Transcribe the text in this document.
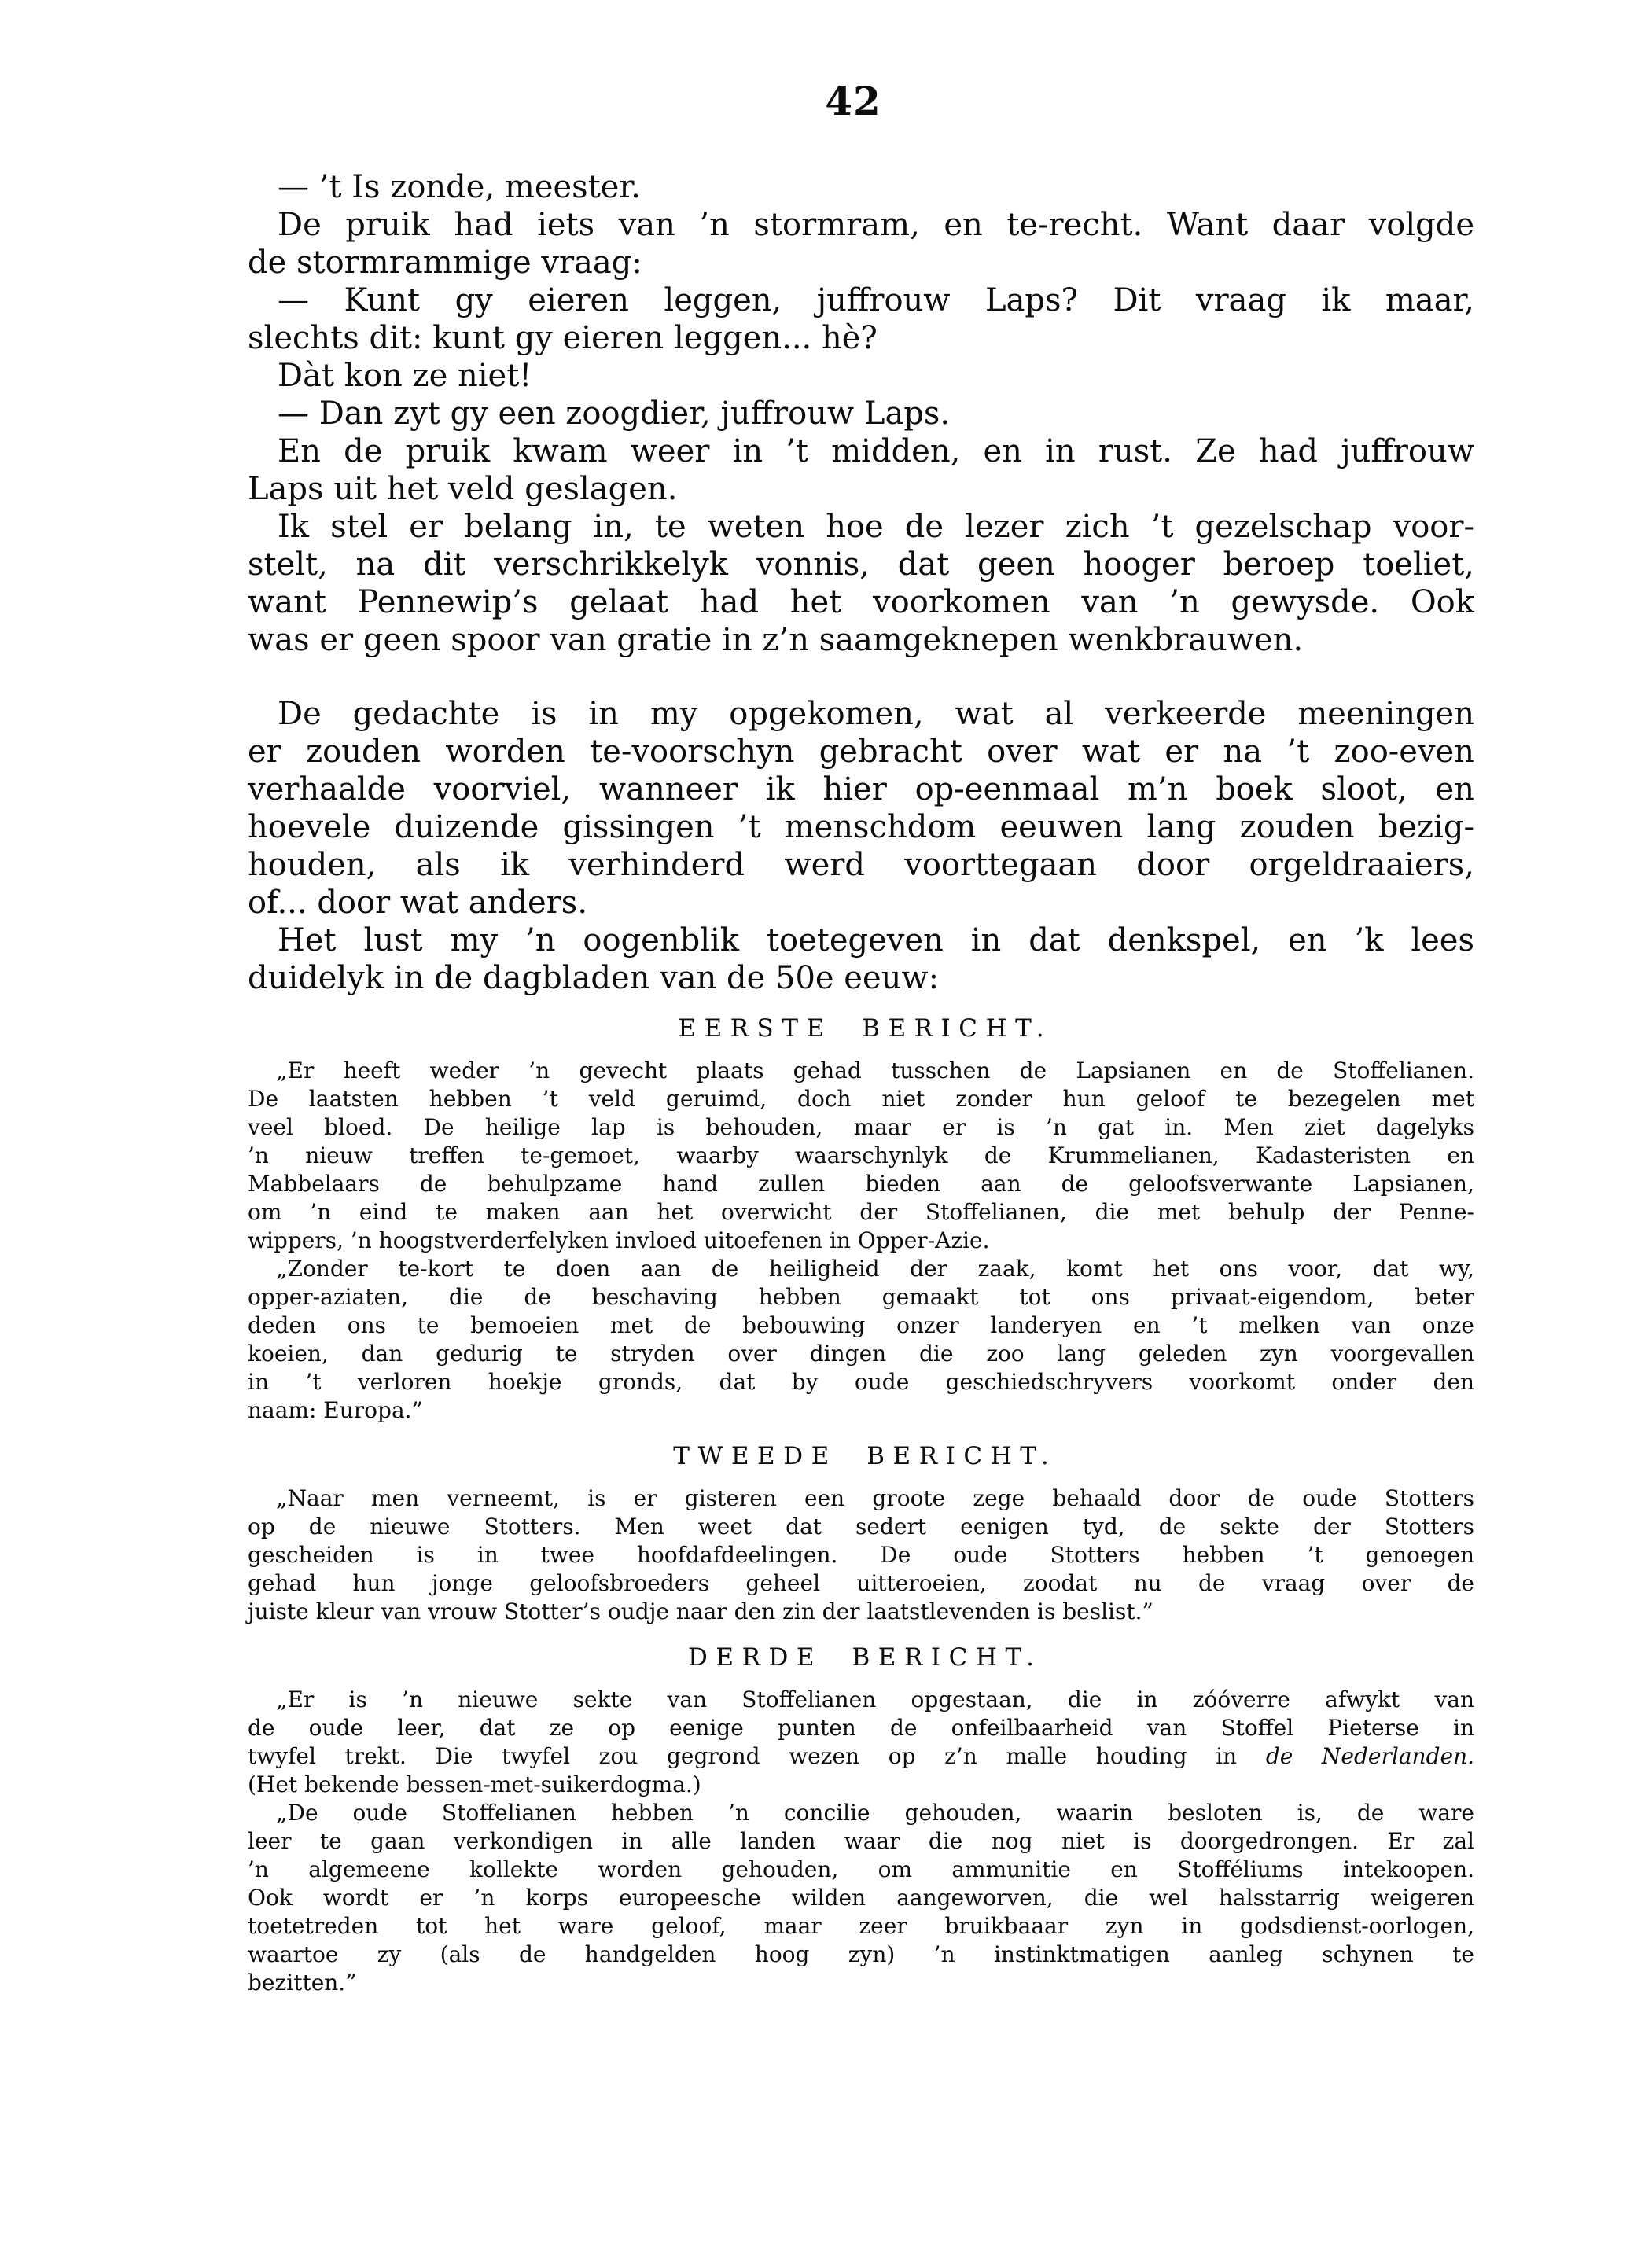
42
— ’t Is zonde, meester.
De pruik had iets van ’n stormram, en te-recht. Want daar volgde
de stormrammige vraag:
— Kunt gy eieren leggen, juffrouw Laps? Dit vraag ik maar,
slechts dit: kunt gy eieren leggen... hè?
Dàt kon ze niet!
— Dan zyt gy een zoogdier, juffrouw Laps.
En de pruik kwam weer in ’t midden, en in rust. Ze had juffrouw
Laps uit het veld geslagen.
Ik stel er belang in, te weten hoe de lezer zich ’t gezelschap voor-
stelt, na dit verschrikkelyk vonnis, dat geen hooger beroep toeliet,
want Pennewip’s gelaat had het voorkomen van ’n gewysde. Ook
was er geen spoor van gratie in z’n saamgeknepen wenkbrauwen.
De gedachte is in my opgekomen, wat al verkeerde meeningen
er zouden worden te-voorschyn gebracht over wat er na ’t zoo-even
verhaalde voorviel, wanneer ik hier op-eenmaal m’n boek sloot, en
hoevele duizende gissingen ’t menschdom eeuwen lang zouden bezig-
houden, als ik verhinderd werd voorttegaan door orgeldraaiers,
of... door wat anders.
Het lust my ’n oogenblik toetegeven in dat denkspel, en ’k lees
duidelyk in de dagbladen van de 50e eeuw:
EERSTE BERICHT.
„Er heeft weder ’n gevecht plaats gehad tusschen de Lapsianen en de Stoffelianen.
De laatsten hebben ’t veld geruimd, doch niet zonder hun geloof te bezegelen met
veel bloed. De heilige lap is behouden, maar er is ’n gat in. Men ziet dagelyks
’n nieuw treffen te-gemoet, waarby waarschynlyk de Krummelianen, Kadasteristen en
Mabbelaars de behulpzame hand zullen bieden aan de geloofsverwante Lapsianen,
om ’n eind te maken aan het overwicht der Stoffelianen, die met behulp der Penne-
wippers, ’n hoogstverderfelyken invloed uitoefenen in Opper-Azie.
„Zonder te-kort te doen aan de heiligheid der zaak, komt het ons voor, dat wy,
opper-aziaten, die de beschaving hebben gemaakt tot ons privaat-eigendom, beter
deden ons te bemoeien met de bebouwing onzer landeryen en ’t melken van onze
koeien, dan gedurig te stryden over dingen die zoo lang geleden zyn voorgevallen
in ’t verloren hoekje gronds, dat by oude geschiedschryvers voorkomt onder den
naam: Europa.”
TWEEDE BERICHT.
„Naar men verneemt, is er gisteren een groote zege behaald door de oude Stotters
op de nieuwe Stotters. Men weet dat sedert eenigen tyd, de sekte der Stotters
gescheiden is in twee hoofdafdeelingen. De oude Stotters hebben ’t genoegen
gehad hun jonge geloofsbroeders geheel uitteroeien, zoodat nu de vraag over de
juiste kleur van vrouw Stotter’s oudje naar den zin der laatstlevenden is beslist.”
DERDE BERICHT.
„Er is ’n nieuwe sekte van Stoffelianen opgestaan, die in zóóverre afwykt van
de oude leer, dat ze op eenige punten de onfeilbaarheid van Stoffel Pieterse in
twyfel trekt. Die twyfel zou gegrond wezen op z’n malle houding in de Nederlanden.
(Het bekende bessen-met-suikerdogma.)
„De oude Stoffelianen hebben ’n concilie gehouden, waarin besloten is, de ware
leer te gaan verkondigen in alle landen waar die nog niet is doorgedrongen. Er zal
’n algemeene kollekte worden gehouden, om ammunitie en Stofféliums intekoopen.
Ook wordt er ’n korps europeesche wilden aangeworven, die wel halsstarrig weigeren
toetetreden tot het ware geloof, maar zeer bruikbaaar zyn in godsdienst-oorlogen,
waartoe zy (als de handgelden hoog zyn) ’n instinktmatigen aanleg schynen te
bezitten.”
